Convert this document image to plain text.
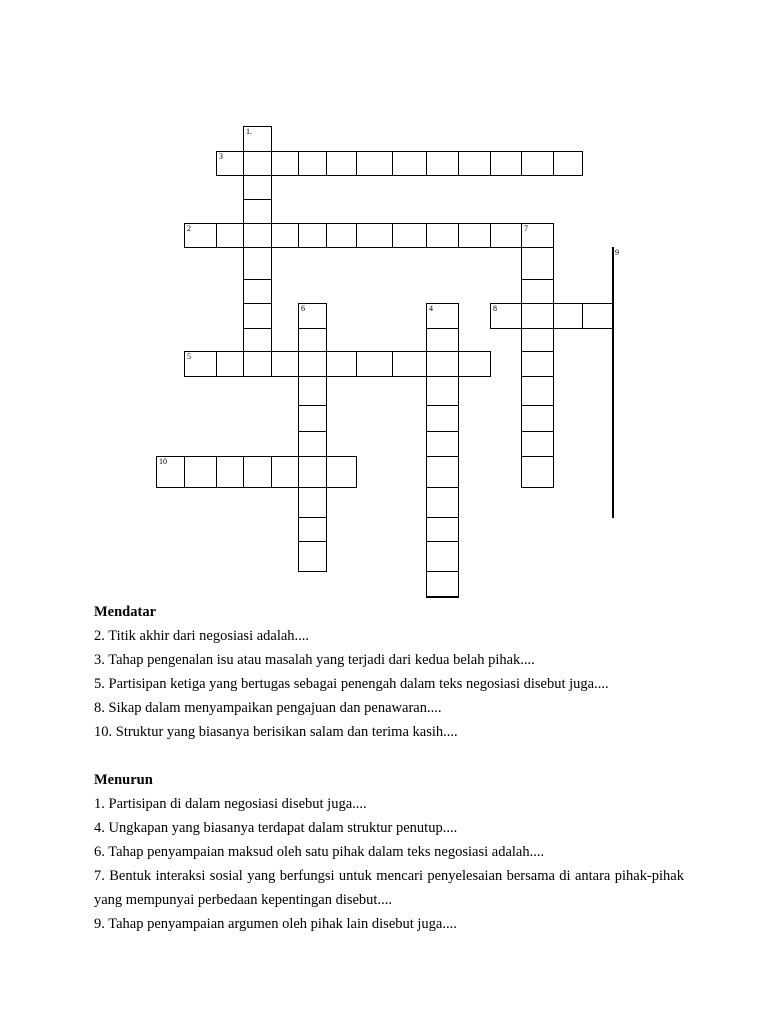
1.
3
2	7
9
6	4	8
5
10
Mendatar
2. Titik akhir dari negosiasi adalah....
3. Tahap pengenalan isu atau masalah yang terjadi dari kedua belah pihak....
5. Partisipan ketiga yang bertugas sebagai penengah dalam teks negosiasi disebut juga....
8. Sikap dalam menyampaikan pengajuan dan penawaran....
10. Struktur yang biasanya berisikan salam dan terima kasih....
Menurun
1. Partisipan di dalam negosiasi disebut juga....
4. Ungkapan yang biasanya terdapat dalam struktur penutup....
6. Tahap penyampaian maksud oleh satu pihak dalam teks negosiasi adalah....
7. Bentuk interaksi sosial yang berfungsi untuk mencari penyelesaian bersama di antara pihak-pihak yang mempunyai perbedaan kepentingan disebut....
9. Tahap penyampaian argumen oleh pihak lain disebut juga....
